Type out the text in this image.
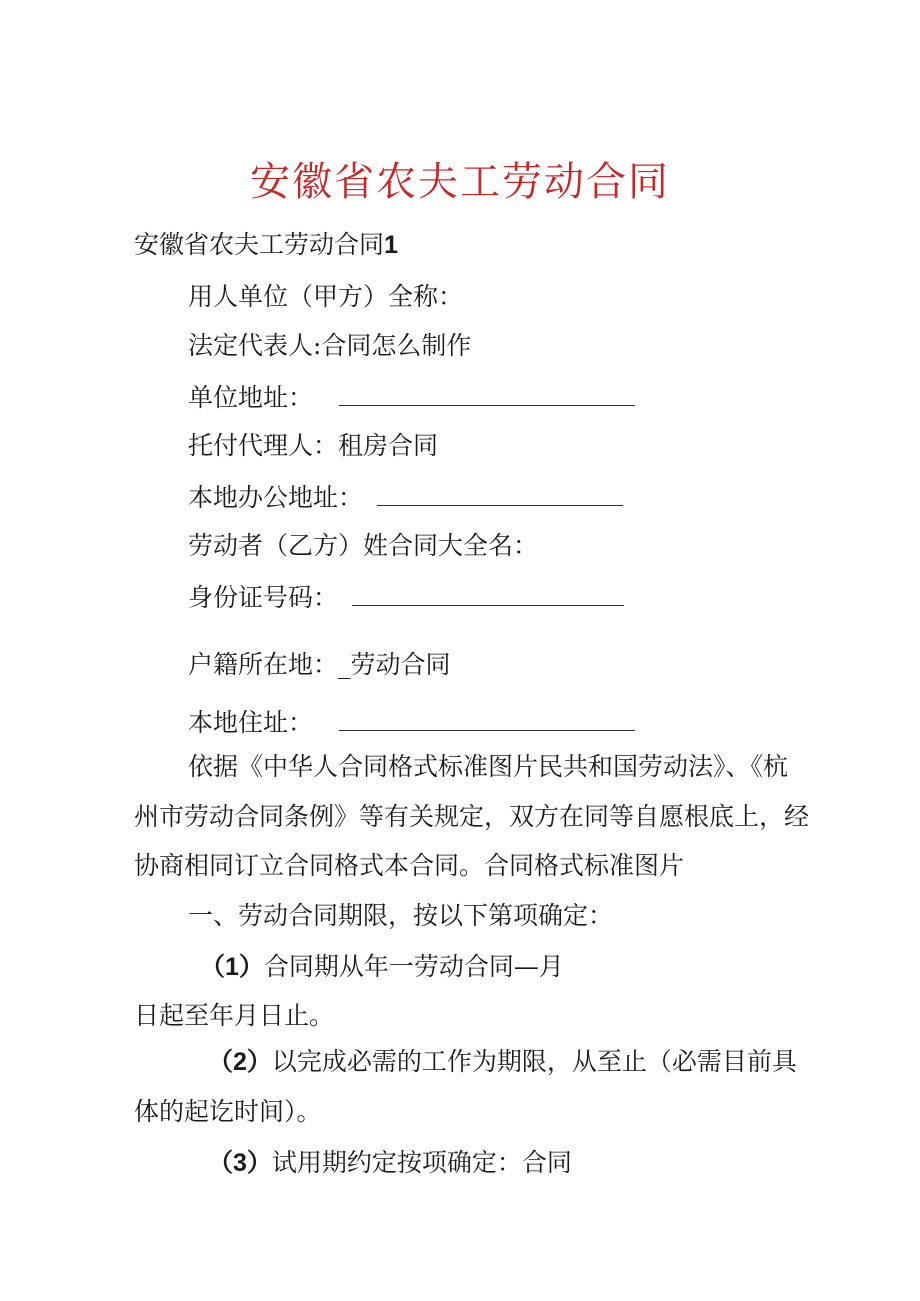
安徽省农夫工劳动合同
安徽省农夫工劳动合同1
用人单位（甲方）全称：
法定代表人:合同怎么制作
单位地址：
托付代理人：租房合同
本地办公地址：
劳动者（乙方）姓合同大全名：
身份证号码：
户籍所在地：_劳动合同
本地住址：
依据《中华人合同格式标准图片民共和国劳动法》、《杭
州市劳动合同条例》等有关规定，双方在同等自愿根底上，经
协商相同订立合同格式本合同。合同格式标准图片
一、劳动合同期限，按以下第项确定：
（1）合同期从年一劳动合同—月
日起至年月日止。
（2）以完成必需的工作为期限，从至止（必需目前具
体的起讫时间）。
（3）试用期约定按项确定：合同
